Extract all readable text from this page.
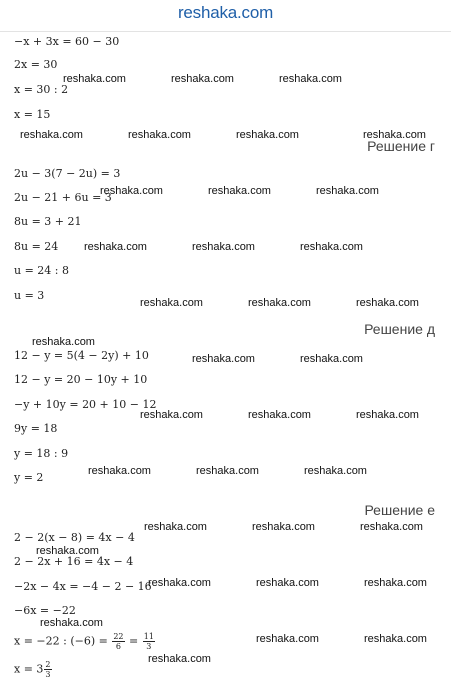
reshaka.com
−x + 3x = 60 − 30
2x = 30
x = 30 : 2
x = 15
Решение г
2u − 3(7 − 2u) = 3
2u − 21 + 6u = 3
8u = 3 + 21
8u = 24
u = 24 : 8
u = 3
Решение д
12 − y = 5(4 − 2y) + 10
12 − y = 20 − 10y + 10
−y + 10y = 20 + 10 − 12
9y = 18
y = 18 : 9
y = 2
Решение е
2 − 2(x − 8) = 4x − 4
2 − 2x + 16 = 4x − 4
−2x − 4x = −4 − 2 − 16
−6x = −22
x = −22 : $(-6) = \frac{22}{6} = \frac{11}{3}$
$x = 3 \frac{2}{3}$
reshaka.com	reshaka.com	reshaka.com
reshaka.com	reshaka.com	reshaka.com	reshaka.com
reshaka.com	reshaka.com	reshaka.com
reshaka.com	reshaka.com	reshaka.com
reshaka.com	reshaka.com	reshaka.com
reshaka.com
reshaka.com	reshaka.com
reshaka.com	reshaka.com	reshaka.com
reshaka.com	reshaka.com	reshaka.com
reshaka.com	reshaka.com	reshaka.com
reshaka.com
reshaka.com	reshaka.com	reshaka.com
reshaka.com
reshaka.com	reshaka.com
reshaka.com
